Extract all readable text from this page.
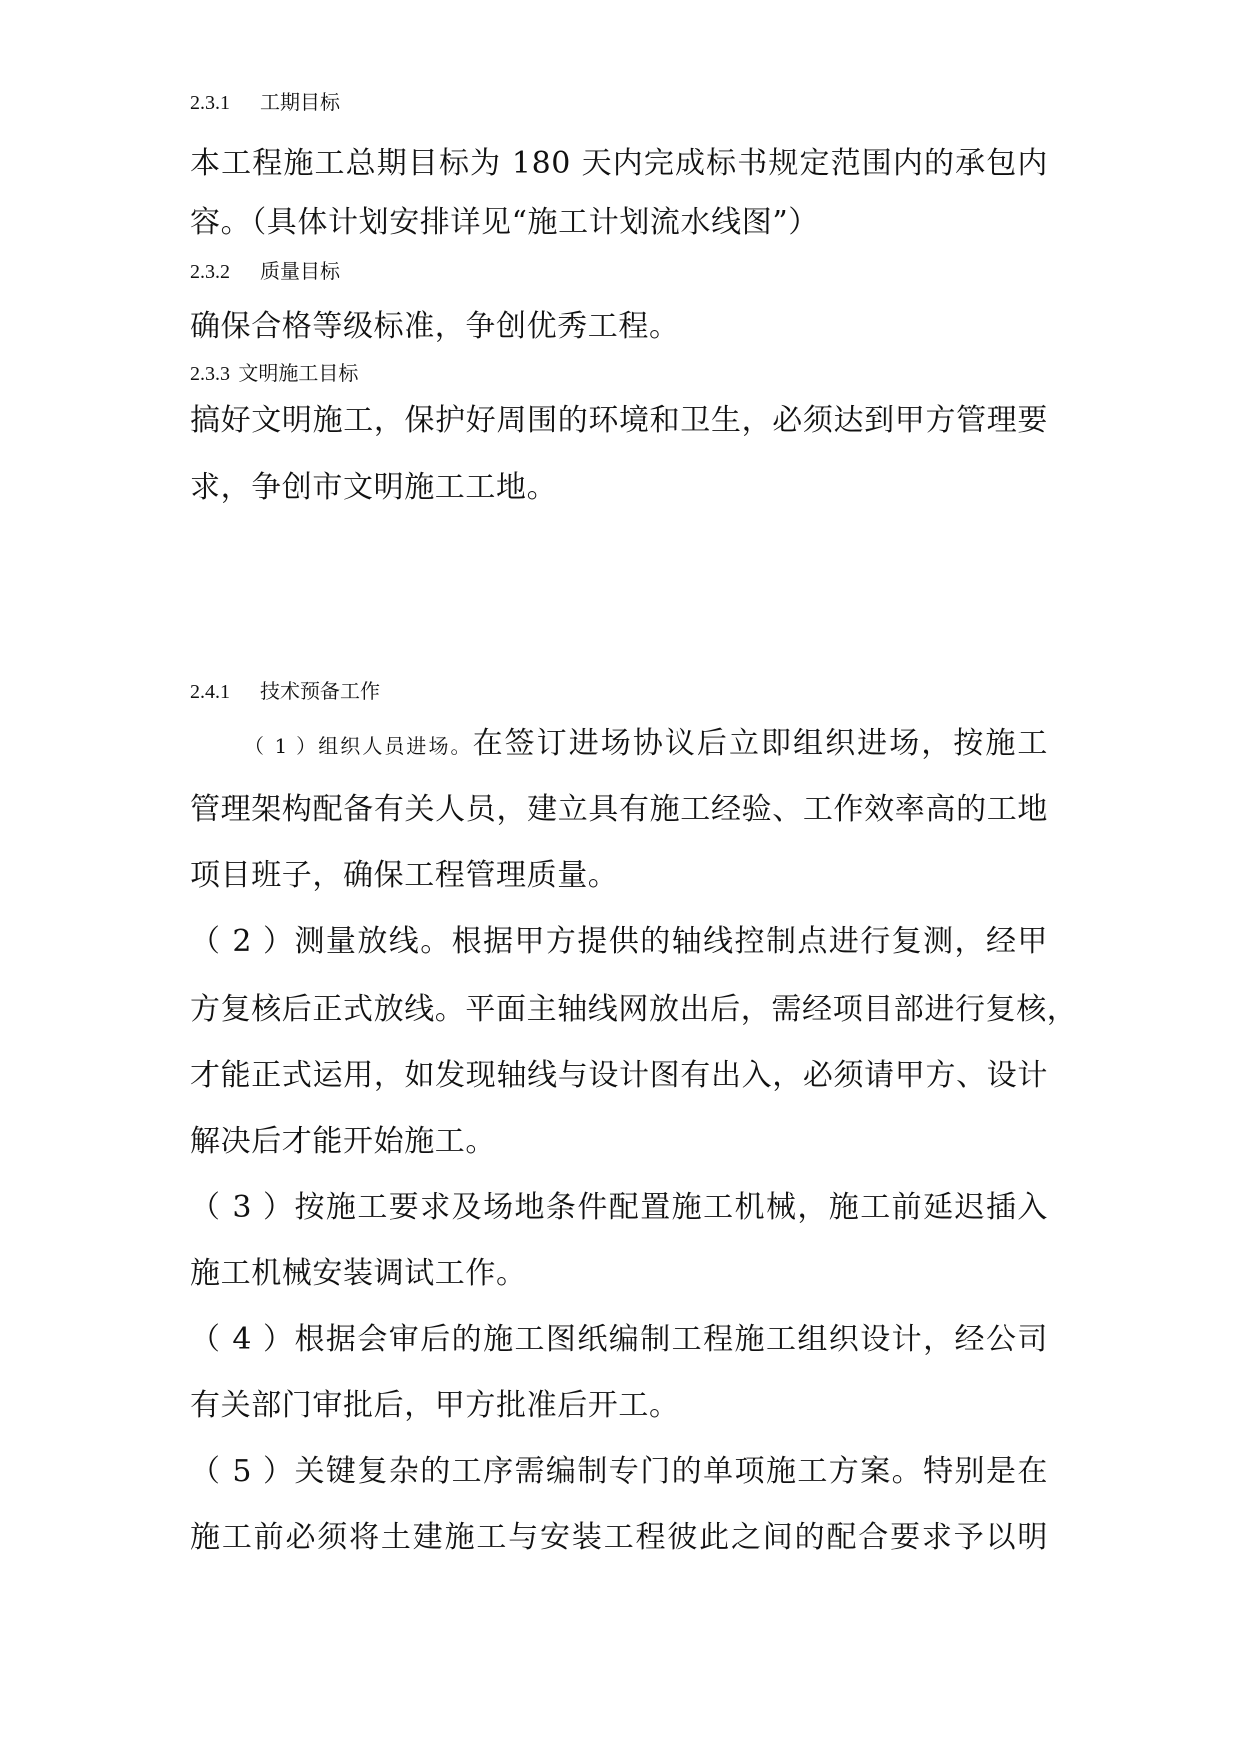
2.3.1 工期目标
本工程施工总期目标为 180 天内完成标书规定范围内的承包内
容。（具体计划安排详见“施工计划流水线图”）
2.3.2 质量目标
确保合格等级标准，争创优秀工程。
2.3.3 文明施工目标
搞好文明施工，保护好周围的环境和卫生，必须达到甲方管理要
求，争创市文明施工工地。
2.4.1 技术预备工作
（ 1 ）组织人员进场。在签订进场协议后立即组织进场，按施工
管理架构配备有关人员，建立具有施工经验、工作效率高的工地
项目班子，确保工程管理质量。
（ 2 ）测量放线。根据甲方提供的轴线控制点进行复测，经甲
方复核后正式放线。平面主轴线网放出后，需经项目部进行复核，
才能正式运用，如发现轴线与设计图有出入，必须请甲方、设计
解决后才能开始施工。
（ 3 ）按施工要求及场地条件配置施工机械，施工前延迟插入
施工机械安装调试工作。
（ 4 ）根据会审后的施工图纸编制工程施工组织设计，经公司
有关部门审批后，甲方批准后开工。
（ 5 ）关键复杂的工序需编制专门的单项施工方案。特别是在
施工前必须将土建施工与安装工程彼此之间的配合要求予以明
